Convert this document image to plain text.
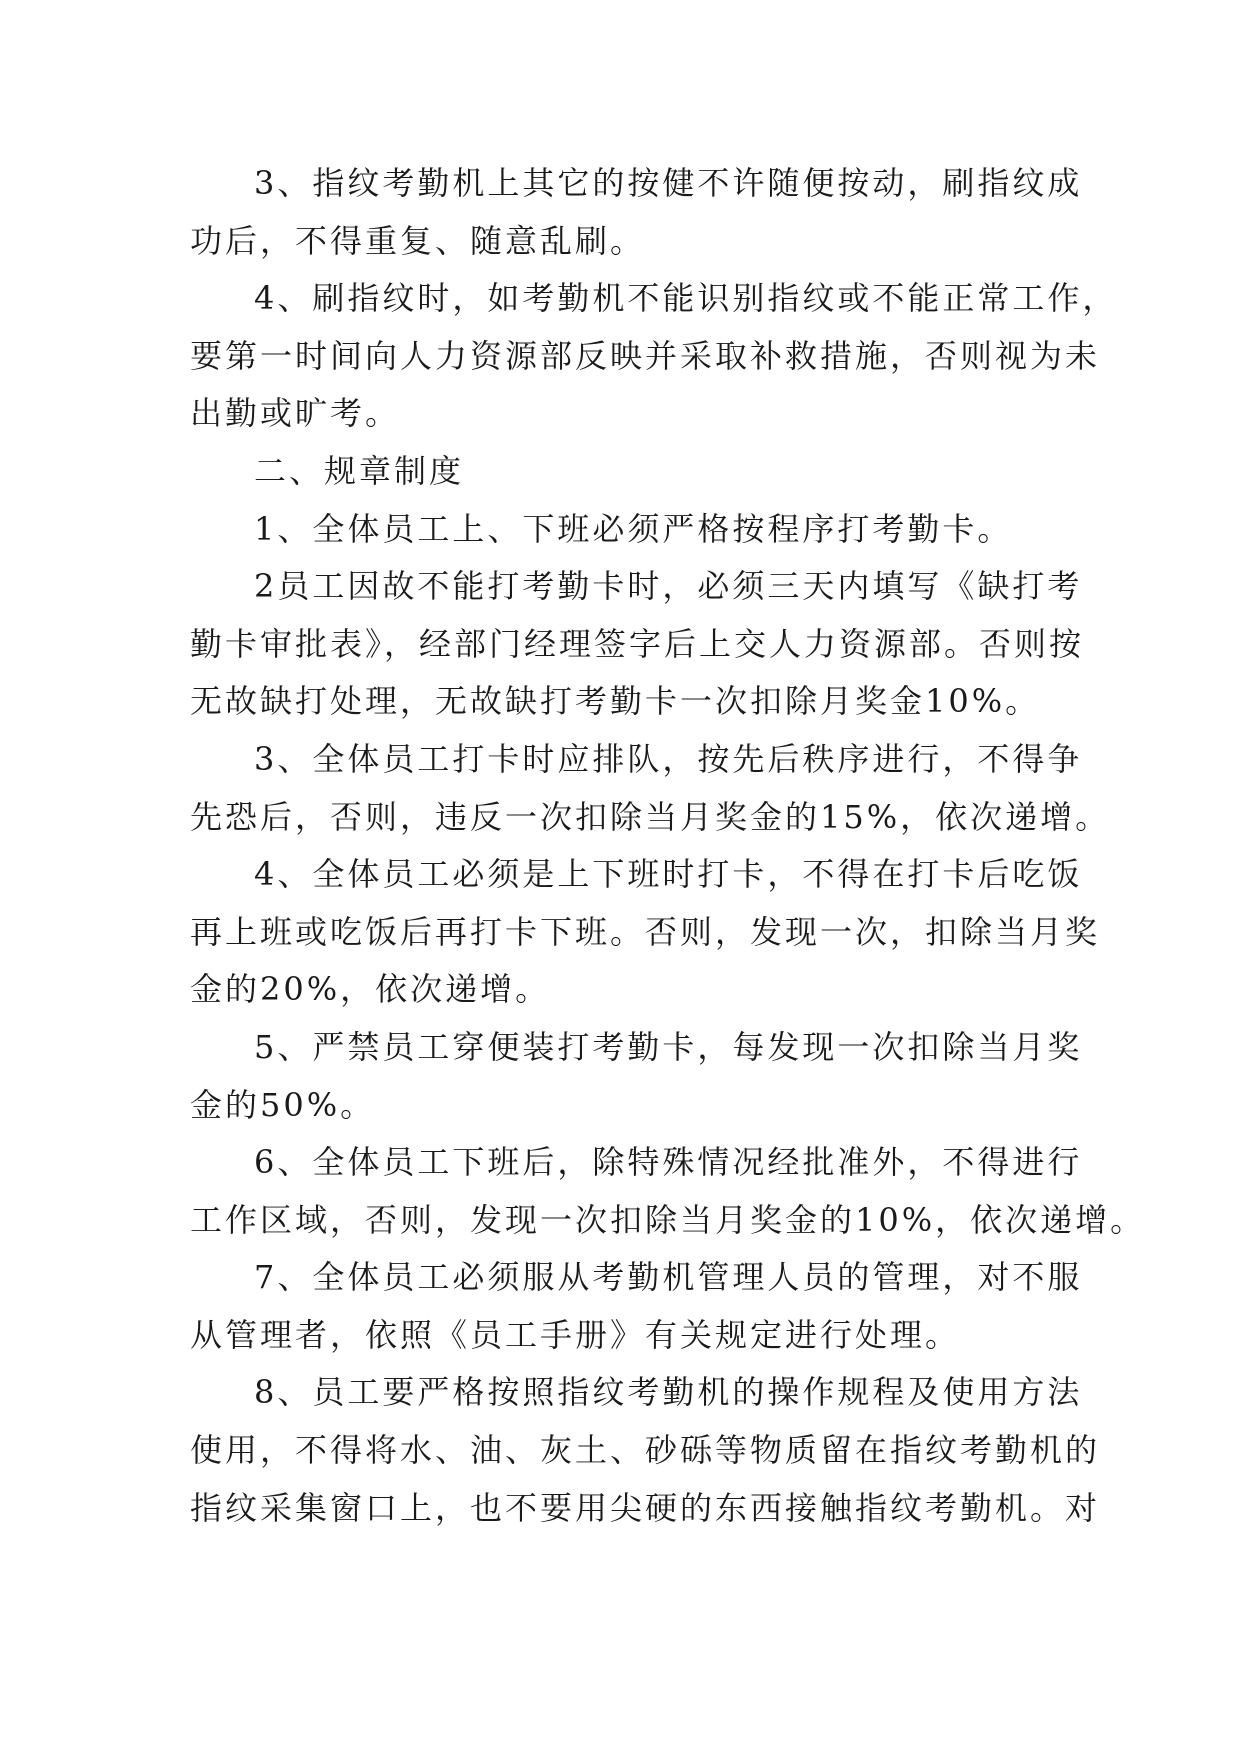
3、指纹考勤机上其它的按健不许随便按动，刷指纹成
功后，不得重复、随意乱刷。

4、刷指纹时，如考勤机不能识别指纹或不能正常工作，
要第一时间向人力资源部反映并采取补救措施，否则视为未
出勤或旷考。

二、规章制度

1、全体员工上、下班必须严格按程序打考勤卡。

2员工因故不能打考勤卡时，必须三天内填写《缺打考
勤卡审批表》，经部门经理签字后上交人力资源部。否则按
无故缺打处理，无故缺打考勤卡一次扣除月奖金10%。

3、全体员工打卡时应排队，按先后秩序进行，不得争
先恐后，否则，违反一次扣除当月奖金的15%，依次递增。

4、全体员工必须是上下班时打卡，不得在打卡后吃饭
再上班或吃饭后再打卡下班。否则，发现一次，扣除当月奖
金的20%，依次递增。

5、严禁员工穿便装打考勤卡，每发现一次扣除当月奖
金的50%。

6、全体员工下班后，除特殊情况经批准外，不得进行
工作区域，否则，发现一次扣除当月奖金的10%，依次递增。

7、全体员工必须服从考勤机管理人员的管理，对不服
从管理者，依照《员工手册》有关规定进行处理。

8、员工要严格按照指纹考勤机的操作规程及使用方法
使用，不得将水、油、灰土、砂砾等物质留在指纹考勤机的
指纹采集窗口上，也不要用尖硬的东西接触指纹考勤机。对
